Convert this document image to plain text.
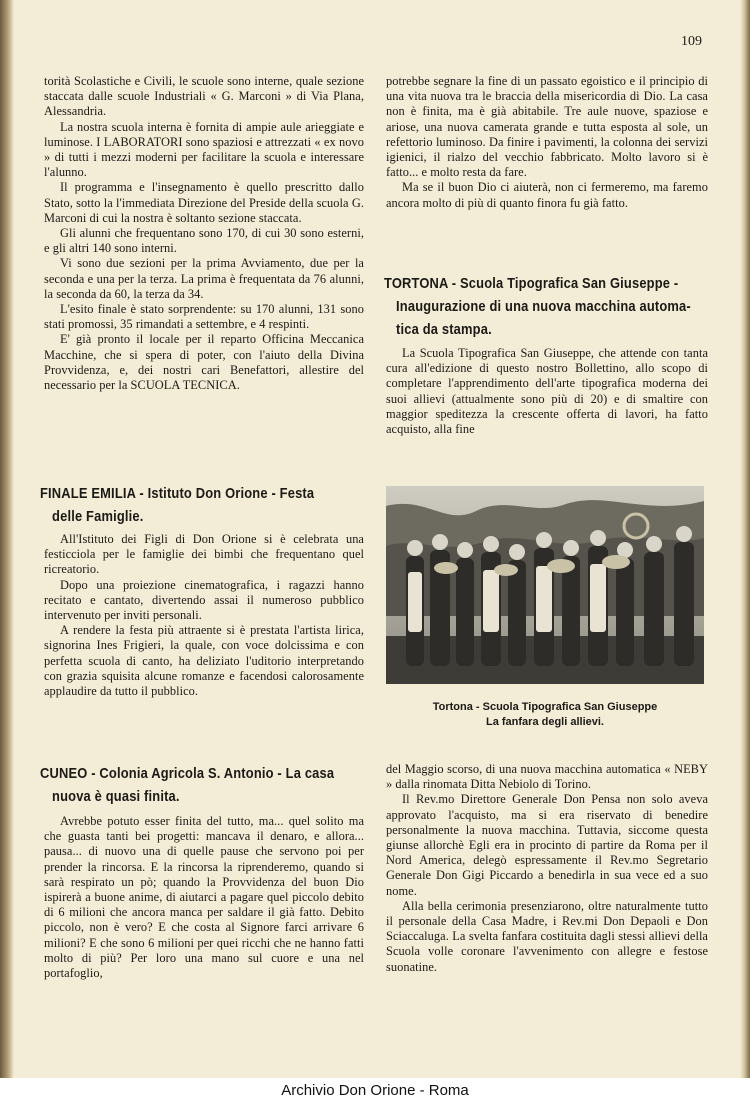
109

torità Scolastiche e Civili, le scuole sono interne, quale sezione staccata dalle scuole Industriali « G. Marconi » di Via Plana, Alessandria.

La nostra scuola interna è fornita di ampie aule arieggiate e luminose. I LABORATORI sono spaziosi e attrezzati « ex novo » di tutti i mezzi moderni per facilitare la scuola e interessare l'alunno.

Il programma e l'insegnamento è quello prescritto dallo Stato, sotto la l'immediata Direzione del Preside della scuola G. Marconi di cui la nostra è soltanto sezione staccata.

Gli alunni che frequentano sono 170, di cui 30 sono esterni, e gli altri 140 sono interni.

Vi sono due sezioni per la prima Avviamento, due per la seconda e una per la terza. La prima è frequentata da 76 alunni, la seconda da 60, la terza da 34.

L'esito finale è stato sorprendente: su 170 alunni, 131 sono stati promossi, 35 rimandati a settembre, e 4 respinti.

E' già pronto il locale per il reparto Officina Meccanica Macchine, che si spera di poter, con l'aiuto della Divina Provvidenza, e, dei nostri cari Benefattori, allestire del necessario per la SCUOLA TECNICA.

FINALE EMILIA - Istituto Don Orione - Festa
delle Famiglie.

All'Istituto dei Figli di Don Orione si è celebrata una festicciola per le famiglie dei bimbi che frequentano quel ricreatorio.

Dopo una proiezione cinematografica, i ragazzi hanno recitato e cantato, divertendo assai il numeroso pubblico intervenuto per inviti personali.

A rendere la festa più attraente si è prestata l'artista lirica, signorina Ines Frigieri, la quale, con voce dolcissima e con perfetta scuola di canto, ha deliziato l'uditorio interpretando con grazia squisita alcune romanze e facendosi calorosamente applaudire da tutto il pubblico.

CUNEO - Colonia Agricola S. Antonio - La casa
nuova è quasi finita.

Avrebbe potuto esser finita del tutto, ma... quel solito ma che guasta tanti bei progetti: mancava il denaro, e allora... pausa... di nuovo una di quelle pause che servono poi per prender la rincorsa. E la rincorsa la riprenderemo, quando si sarà respirato un pò; quando la Provvidenza del buon Dio ispirerà a buone anime, di aiutarci a pagare quel piccolo debito di 6 milioni che ancora manca per saldare il già fatto. Debito piccolo, non è vero? E che costa al Signore farci arrivare 6 milioni? E che sono 6 milioni per quei ricchi che ne hanno fatti molto di più? Per loro una mano sul cuore e una nel portafoglio,

potrebbe segnare la fine di un passato egoistico e il principio di una vita nuova tra le braccia della misericordia di Dio. La casa non è finita, ma è già abitabile. Tre aule nuove, spaziose e ariose, una nuova camerata grande e tutta esposta al sole, un refettorio luminoso. Da finire i pavimenti, la colonna dei servizi igienici, il rialzo del vecchio fabbricato. Molto lavoro si è fatto... e molto resta da fare.

Ma se il buon Dio ci aiuterà, non ci fermeremo, ma faremo ancora molto di più di quanto finora fu già fatto.

TORTONA - Scuola Tipografica San Giuseppe -

Inaugurazione di una nuova macchina automa-
tica da stampa.

La Scuola Tipografica San Giuseppe, che attende con tanta cura all'edizione di questo nostro Bollettino, allo scopo di completare l'apprendimento dell'arte tipografica moderna dei suoi allievi (attualmente sono più di 20) e di smaltire con maggior speditezza la crescente offerta di lavori, ha fatto acquisto, alla fine

Tortona - Scuola Tipografica San Giuseppe
La fanfara degli allievi.

del Maggio scorso, di una nuova macchina automatica « NEBY » dalla rinomata Ditta Nebiolo di Torino.

Il Rev.mo Direttore Generale Don Pensa non solo aveva approvato l'acquisto, ma si era riservato di benedire personalmente la nuova macchina. Tuttavia, siccome questa giunse allorchè Egli era in procinto di partire da Roma per il Nord America, delegò espressamente il Rev.mo Segretario Generale Don Gigi Piccardo a benedirla in sua vece ed a suo nome.

Alla bella cerimonia presenziarono, oltre naturalmente tutto il personale della Casa Madre, i Rev.mi Don Depaoli e Don Sciaccaluga. La svelta fanfara costituita dagli stessi allievi della Scuola volle coronare l'avvenimento con allegre e festose suonatine.

Archivio Don Orione - Roma
